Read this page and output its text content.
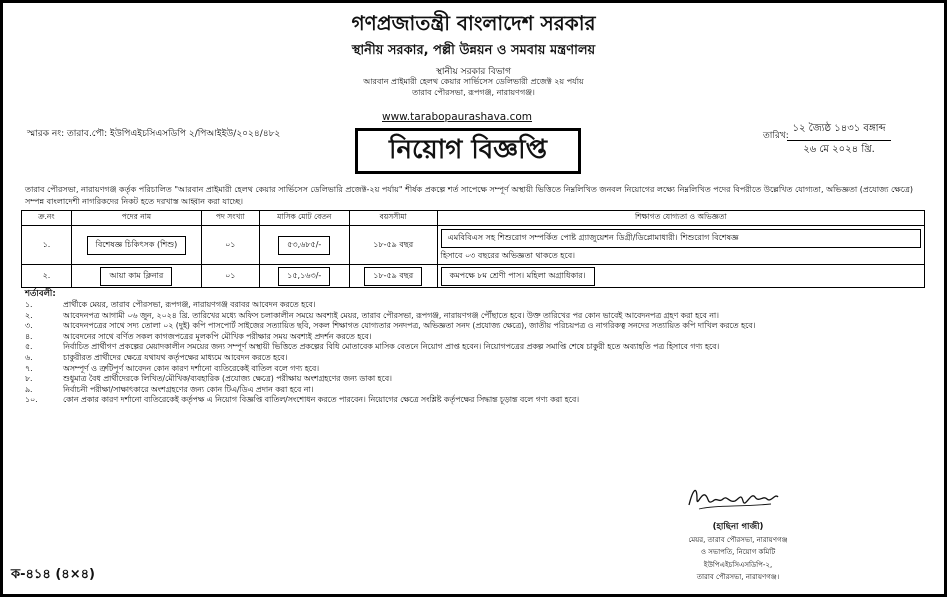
গণপ্রজাতন্ত্রী বাংলাদেশ সরকার
স্থানীয় সরকার, পল্লী উন্নয়ন ও সমবায় মন্ত্রণালয়
স্থানীয় সরকার বিভাগ
আরবান প্রাইমারী হেলথ কেয়ার সার্ভিসেস ডেলিভারী প্রজেক্ট ২য় পর্যায়
তারাব পৌরসভা, রূপগঞ্জ, নারায়ণগঞ্জ।
www.tarabopaurashava.com
স্মারক নং: তারাব.পৌ: ইউপিএইচসিএসডিপি ২/পিআইইউ/২০২৪/৪৮২	তারিখ:
১২ জ্যৈষ্ঠ ১৪৩১ বঙ্গাব্দ
২৬ মে ২০২৪ খ্রি.
নিয়োগ বিজ্ঞপ্তি
তারাব পৌরসভা, নারায়ণগঞ্জ কর্তৃক পরিচালিত "আরবান প্রাইমারী হেলথ কেয়ার সার্ভিসেস ডেলিভারি প্রজেক্ট-২য় পর্যায়" শীর্ষক প্রকল্পে শর্ত সাপেক্ষে সম্পূর্ণ অস্থায়ী ভিত্তিতে নিম্নলিখিত জনবল নিয়োগের লক্ষ্যে নিম্নলিখিত পদের বিপরীতে উল্লেখিত যোগ্যতা, অভিজ্ঞতা (প্রযোজ্য ক্ষেত্রে) সম্পন্ন বাংলাদেশী নাগরিকদের নিকট হতে দরখাস্ত আহ্বান করা যাচ্ছে।
ক্র.নং	পদের নাম	পদ সংখ্যা	মাসিক মোট বেতন	বয়সসীমা	শিক্ষাগত যোগ্যতা ও অভিজ্ঞতা
১.	বিশেষজ্ঞ চিকিৎসক (শিশু)	০১	৫৩,৬৮৫/-	১৮-৫৯ বছর	এমবিবিএস সহ শিশুরোগ সম্পর্কিত পোষ্ট গ্র্যাজুয়েশন ডিগ্রী/ডিপ্লোমাধারী। শিশুরোগ বিশেষজ্ঞ
হিসাবে ০৩ বছরের অভিজ্ঞতা থাকতে হবে।
২.	আয়া কাম ক্লিনার	০১	১৫,১৬৩/-	১৮-৫৯ বছর	কমপক্ষে ৮ম শ্রেণী পাস। মহিলা অগ্রাধিকার।
শর্তাবলী:
১.	প্রার্থীকে মেয়র, তারাব পৌরসভা, রূপগঞ্জ, নারায়ণগঞ্জ বরাবর আবেদন করতে হবে।
২.	আবেদনপত্র আগামী ০৬ জুন, ২০২৪ খ্রি. তারিখের মধ্যে অফিস চলাকালীন সময়ে অবশ্যই মেয়র, তারাব পৌরসভা, রূপগঞ্জ, নারায়ণগঞ্জ পৌঁছাতে হবে। উক্ত তারিখের পর কোন ভাবেই আবেদনপত্র গ্রহণ করা হবে না।
৩.	আবেদনপত্রের সাথে সদ্য তোলা ০২ (দুই) কপি পাসপোর্ট সাইজের সত্যায়িত ছবি, সকল শিক্ষাগত যোগ্যতার সনদপত্র, অভিজ্ঞতা সনদ (প্রযোজ্য ক্ষেত্রে), জাতীয় পরিচয়পত্র ও নাগরিকত্ব সনদের সত্যায়িত কপি দাখিল করতে হবে।
৪.	আবেদনের সাথে বর্ণিত সকল কাগজপত্রের মূলকপি মৌখিক পরীক্ষার সময় অবশ্যই প্রদর্শন করতে হবে।
৫.	নির্বাচিত প্রার্থীগণ প্রকল্পের মেয়াদকালীন সময়ের জন্য সম্পূর্ণ অস্থায়ী ভিত্তিতে প্রকল্পের বিধি মোতাবেক মাসিক বেতনে নিয়োগ প্রাপ্ত হবেন। নিয়োগপত্রের প্রকল্প সমাপ্তি শেষে চাকুরী হতে অব্যাহতি পত্র হিসাবে গণ্য হবে।
৬.	চাকুরীরত প্রার্থীদের ক্ষেত্রে যথাযথ কর্তৃপক্ষের মাধ্যমে আবেদন করতে হবে।
৭.	অসম্পূর্ণ ও ত্রুটিপূর্ণ আবেদন কোন কারণ দর্শানো ব্যতিরেকেই বাতিল বলে গণ্য হবে।
৮.	শুধুমাত্র বৈধ প্রার্থীদেরকে লিখিত/মৌখিক/ব্যবহারিক (প্রযোজ্য ক্ষেত্রে) পরীক্ষায় অংশগ্রহণের জন্য ডাকা হবে।
৯.	নির্বাচনী পরীক্ষা/সাক্ষাৎকারে অংশগ্রহণের জন্য কোন টিএ/ডিএ প্রদান করা হবে না।
১০.	কোন প্রকার কারণ দর্শানো ব্যতিরেকেই কর্তৃপক্ষ এ নিয়োগ বিজ্ঞপ্তি বাতিল/সংশোধন করতে পারবেন। নিয়োগের ক্ষেত্রে সংশ্লিষ্ট কর্তৃপক্ষের সিদ্ধান্ত চূড়ান্ত বলে গণ্য করা হবে।
(হাছিনা গাজী)
মেয়র, তারাব পৌরসভা, নারায়ণগঞ্জ
ও সভাপতি, নিয়োগ কমিটি
ইউপিএইচসিএসডিপি-২,
তারাব পৌরসভা, নারায়ণগঞ্জ।
ক-৪১৪ (৪×৪)
